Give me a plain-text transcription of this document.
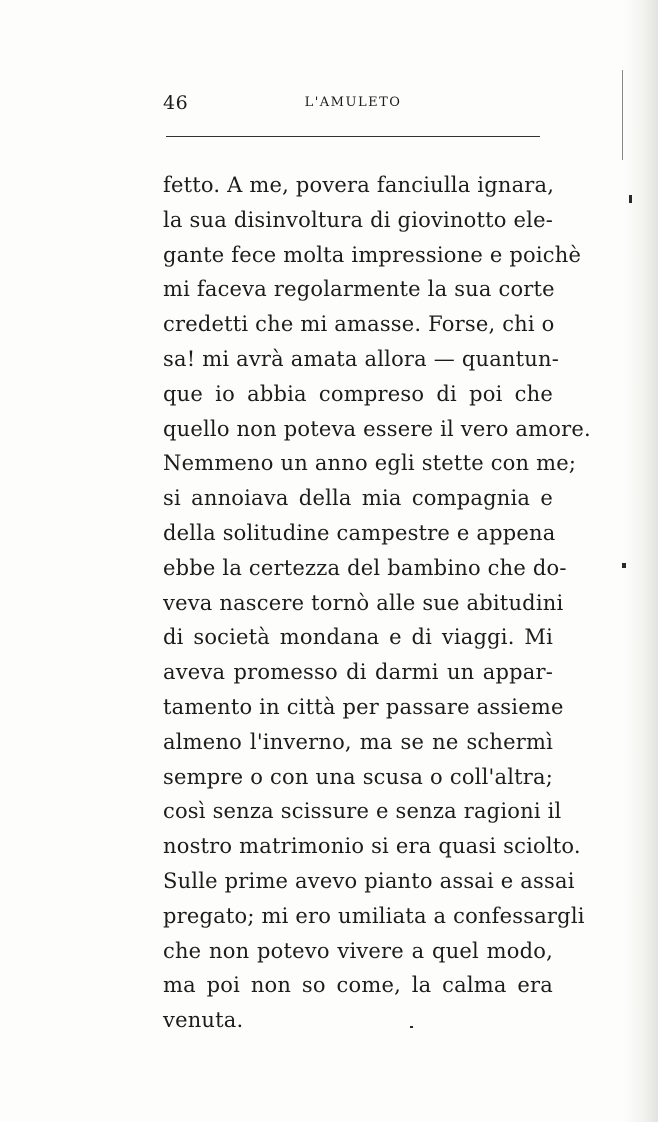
46	L'AMULETO
fetto. A me, povera fanciulla ignara,
la sua disinvoltura di giovinotto ele-
gante fece molta impressione e poichè
mi faceva regolarmente la sua corte
credetti che mi amasse. Forse, chi o
sa! mi avrà amata allora — quantun-
que io abbia compreso di poi che
quello non poteva essere il vero amore.
Nemmeno un anno egli stette con me;
si annoiava della mia compagnia e
della solitudine campestre e appena
ebbe la certezza del bambino che do-
veva nascere tornò alle sue abitudini
di società mondana e di viaggi. Mi
aveva promesso di darmi un appar-
tamento in città per passare assieme
almeno l'inverno, ma se ne schermì
sempre o con una scusa o coll'altra;
così senza scissure e senza ragioni il
nostro matrimonio si era quasi sciolto.
Sulle prime avevo pianto assai e assai
pregato; mi ero umiliata a confessargli
che non potevo vivere a quel modo,
ma poi non so come, la calma era
venuta.
